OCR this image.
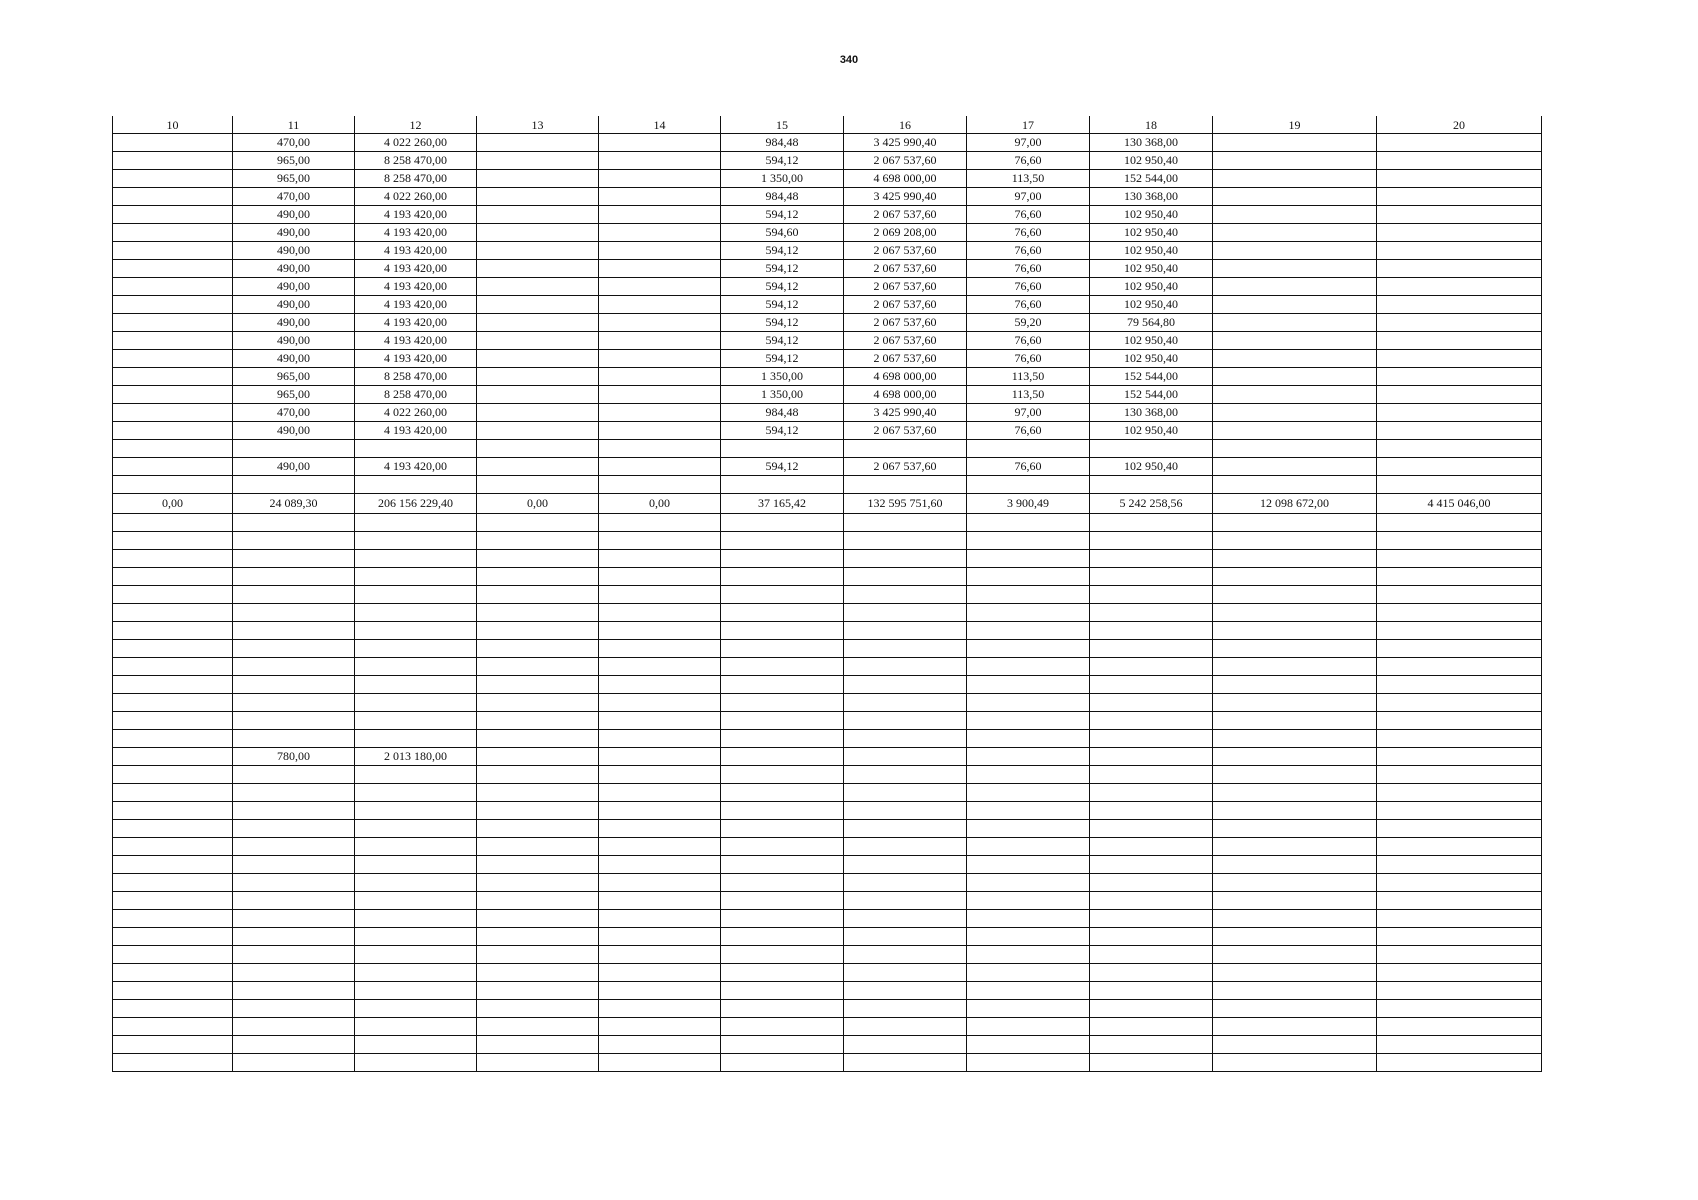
340
10	11	12	13	14	15	16	17	18	19	20
	470,00	4 022 260,00			984,48	3 425 990,40	97,00	130 368,00		
	965,00	8 258 470,00			594,12	2 067 537,60	76,60	102 950,40		
	965,00	8 258 470,00			1 350,00	4 698 000,00	113,50	152 544,00		
	470,00	4 022 260,00			984,48	3 425 990,40	97,00	130 368,00		
	490,00	4 193 420,00			594,12	2 067 537,60	76,60	102 950,40		
	490,00	4 193 420,00			594,60	2 069 208,00	76,60	102 950,40		
	490,00	4 193 420,00			594,12	2 067 537,60	76,60	102 950,40		
	490,00	4 193 420,00			594,12	2 067 537,60	76,60	102 950,40		
	490,00	4 193 420,00			594,12	2 067 537,60	76,60	102 950,40		
	490,00	4 193 420,00			594,12	2 067 537,60	76,60	102 950,40		
	490,00	4 193 420,00			594,12	2 067 537,60	59,20	79 564,80		
	490,00	4 193 420,00			594,12	2 067 537,60	76,60	102 950,40		
	490,00	4 193 420,00			594,12	2 067 537,60	76,60	102 950,40		
	965,00	8 258 470,00			1 350,00	4 698 000,00	113,50	152 544,00		
	965,00	8 258 470,00			1 350,00	4 698 000,00	113,50	152 544,00		
	470,00	4 022 260,00			984,48	3 425 990,40	97,00	130 368,00		
	490,00	4 193 420,00			594,12	2 067 537,60	76,60	102 950,40		

	490,00	4 193 420,00			594,12	2 067 537,60	76,60	102 950,40		

0,00	24 089,30	206 156 229,40	0,00	0,00	37 165,42	132 595 751,60	3 900,49	5 242 258,56	12 098 672,00	4 415 046,00

	780,00	2 013 180,00								
